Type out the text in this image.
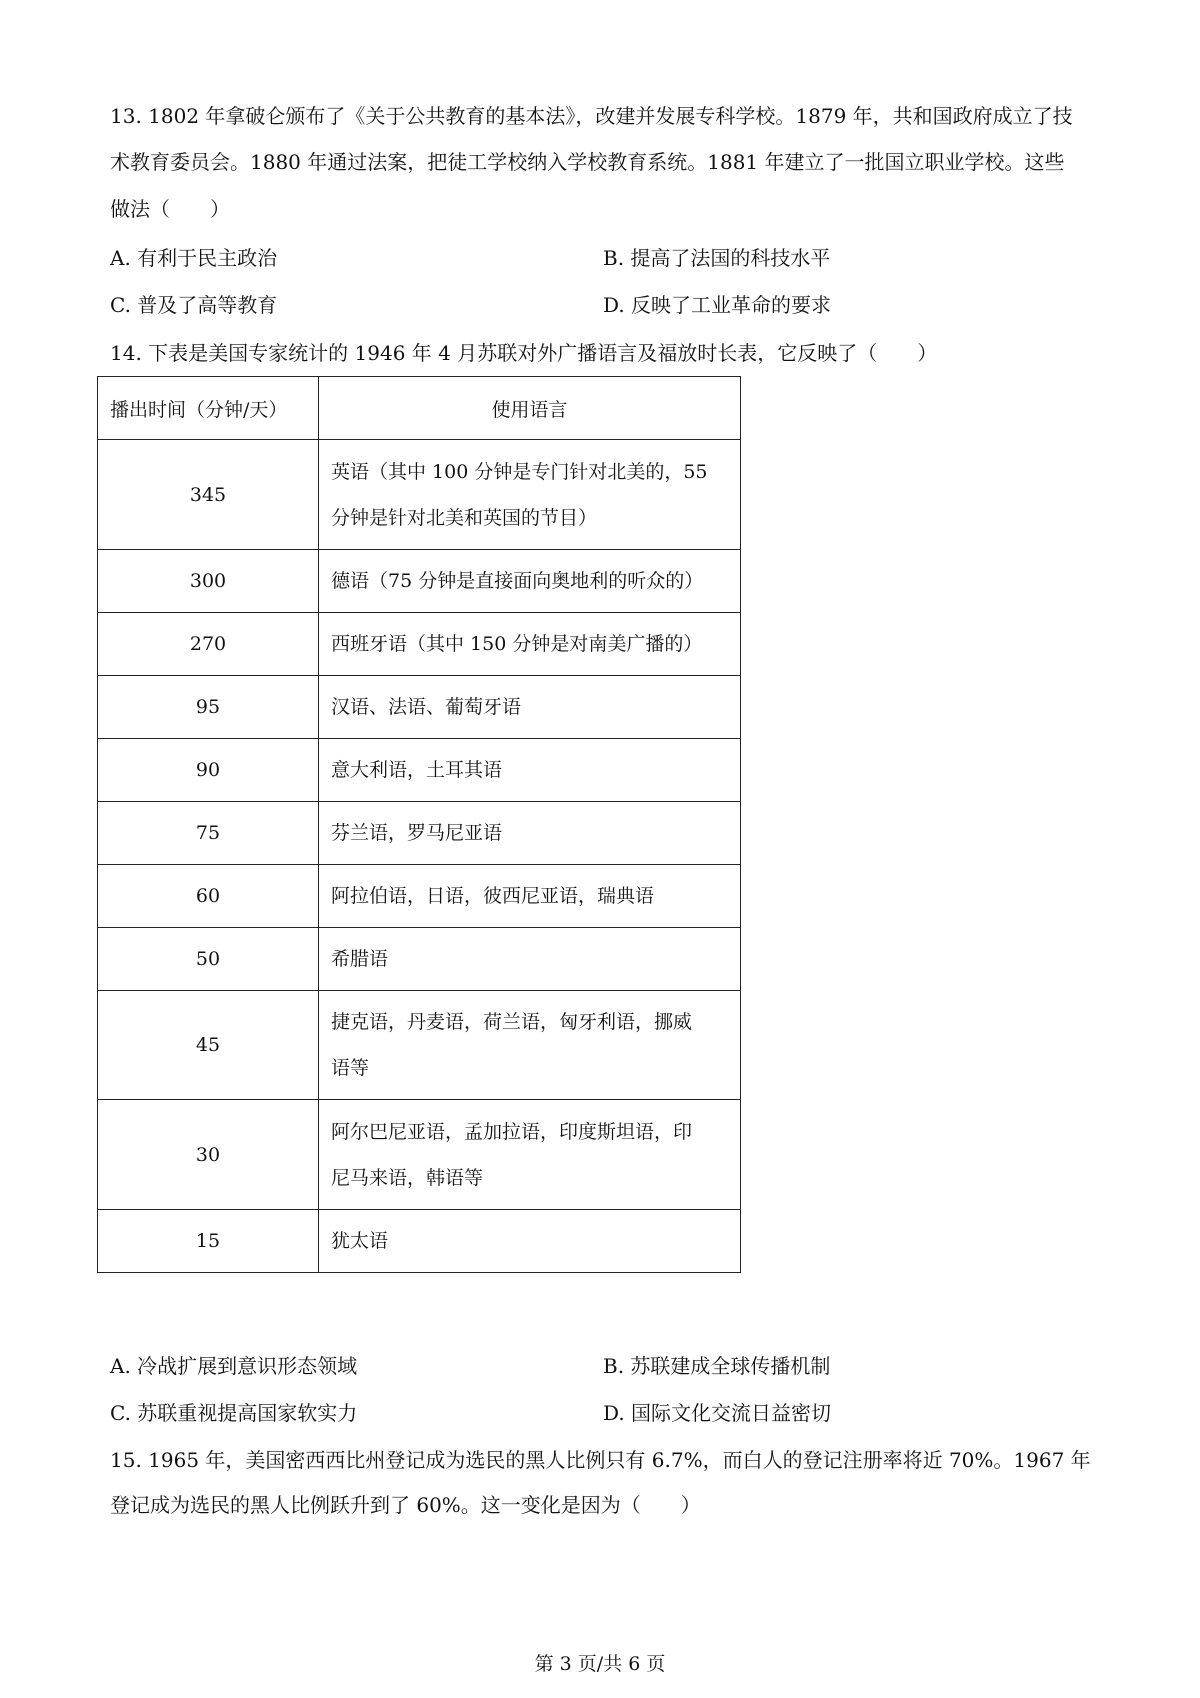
13. 1802 年拿破仑颁布了《关于公共教育的基本法》，改建并发展专科学校。1879 年，共和国政府成立了技
术教育委员会。1880 年通过法案，把徒工学校纳入学校教育系统。1881 年建立了一批国立职业学校。这些
做法（　　）
A. 有利于民主政治	B. 提高了法国的科技水平
C. 普及了高等教育	D. 反映了工业革命的要求
14. 下表是美国专家统计的 1946 年 4 月苏联对外广播语言及福放时长表，它反映了（　　）
播出时间（分钟/天）	使用语言
345	英语（其中 100 分钟是专门针对北美的，55
分钟是针对北美和英国的节目）

300	德语（75 分钟是直接面向奥地利的听众的）
270	西班牙语（其中 150 分钟是对南美广播的）
95	汉语、法语、葡萄牙语
90	意大利语，土耳其语
75	芬兰语，罗马尼亚语
60	阿拉伯语，日语，彼西尼亚语，瑞典语
50	希腊语
45	捷克语，丹麦语，荷兰语，匈牙利语，挪威
语等

30	阿尔巴尼亚语，孟加拉语，印度斯坦语，印
尼马来语，韩语等

15	犹太语
A. 冷战扩展到意识形态领域	B. 苏联建成全球传播机制
C. 苏联重视提高国家软实力	D. 国际文化交流日益密切
15. 1965 年，美国密西西比州登记成为选民的黑人比例只有 6.7%，而白人的登记注册率将近 70%。1967 年
登记成为选民的黑人比例跃升到了 60%。这一变化是因为（　　）
第 3 页/共 6 页
